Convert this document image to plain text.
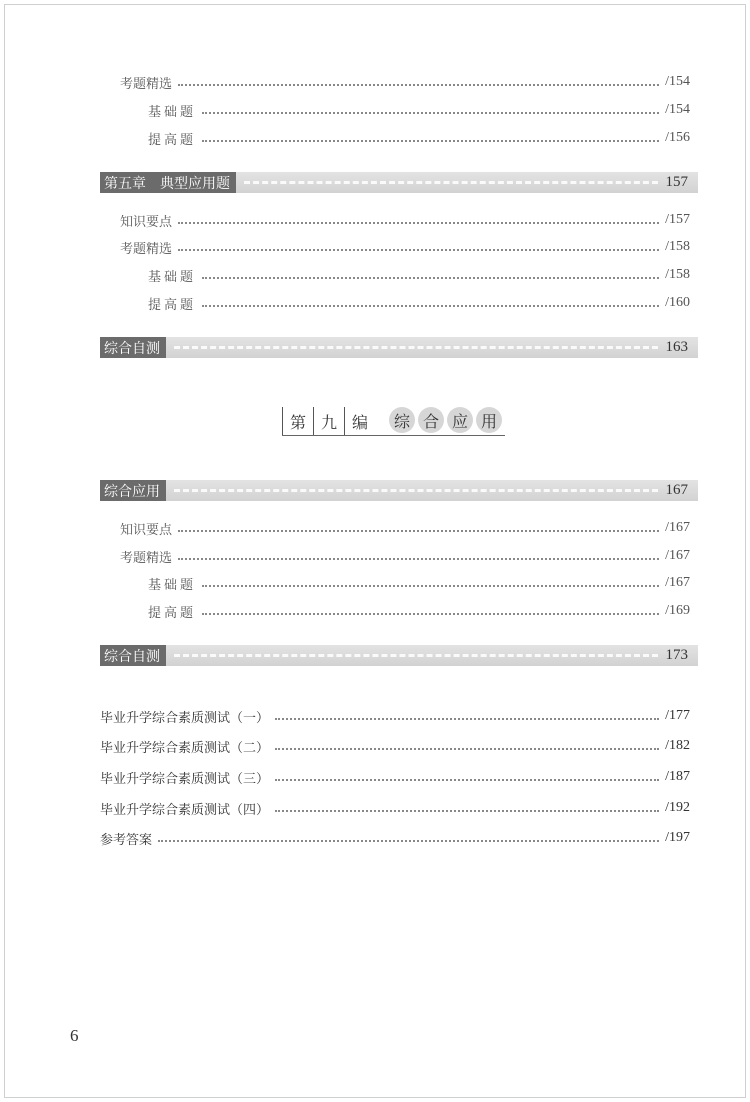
考题精选	/154
基础题	/154
提高题	/156
第五章　典型应用题	157
知识要点	/157
考题精选	/158
基础题	/158
提高题	/160
综合自测	163
第 九 编	综 合 应 用
综合应用	167
知识要点	/167
考题精选	/167
基础题	/167
提高题	/169
综合自测	173
毕业升学综合素质测试（一）	/177
毕业升学综合素质测试（二）	/182
毕业升学综合素质测试（三）	/187
毕业升学综合素质测试（四）	/192
参考答案	/197
6
